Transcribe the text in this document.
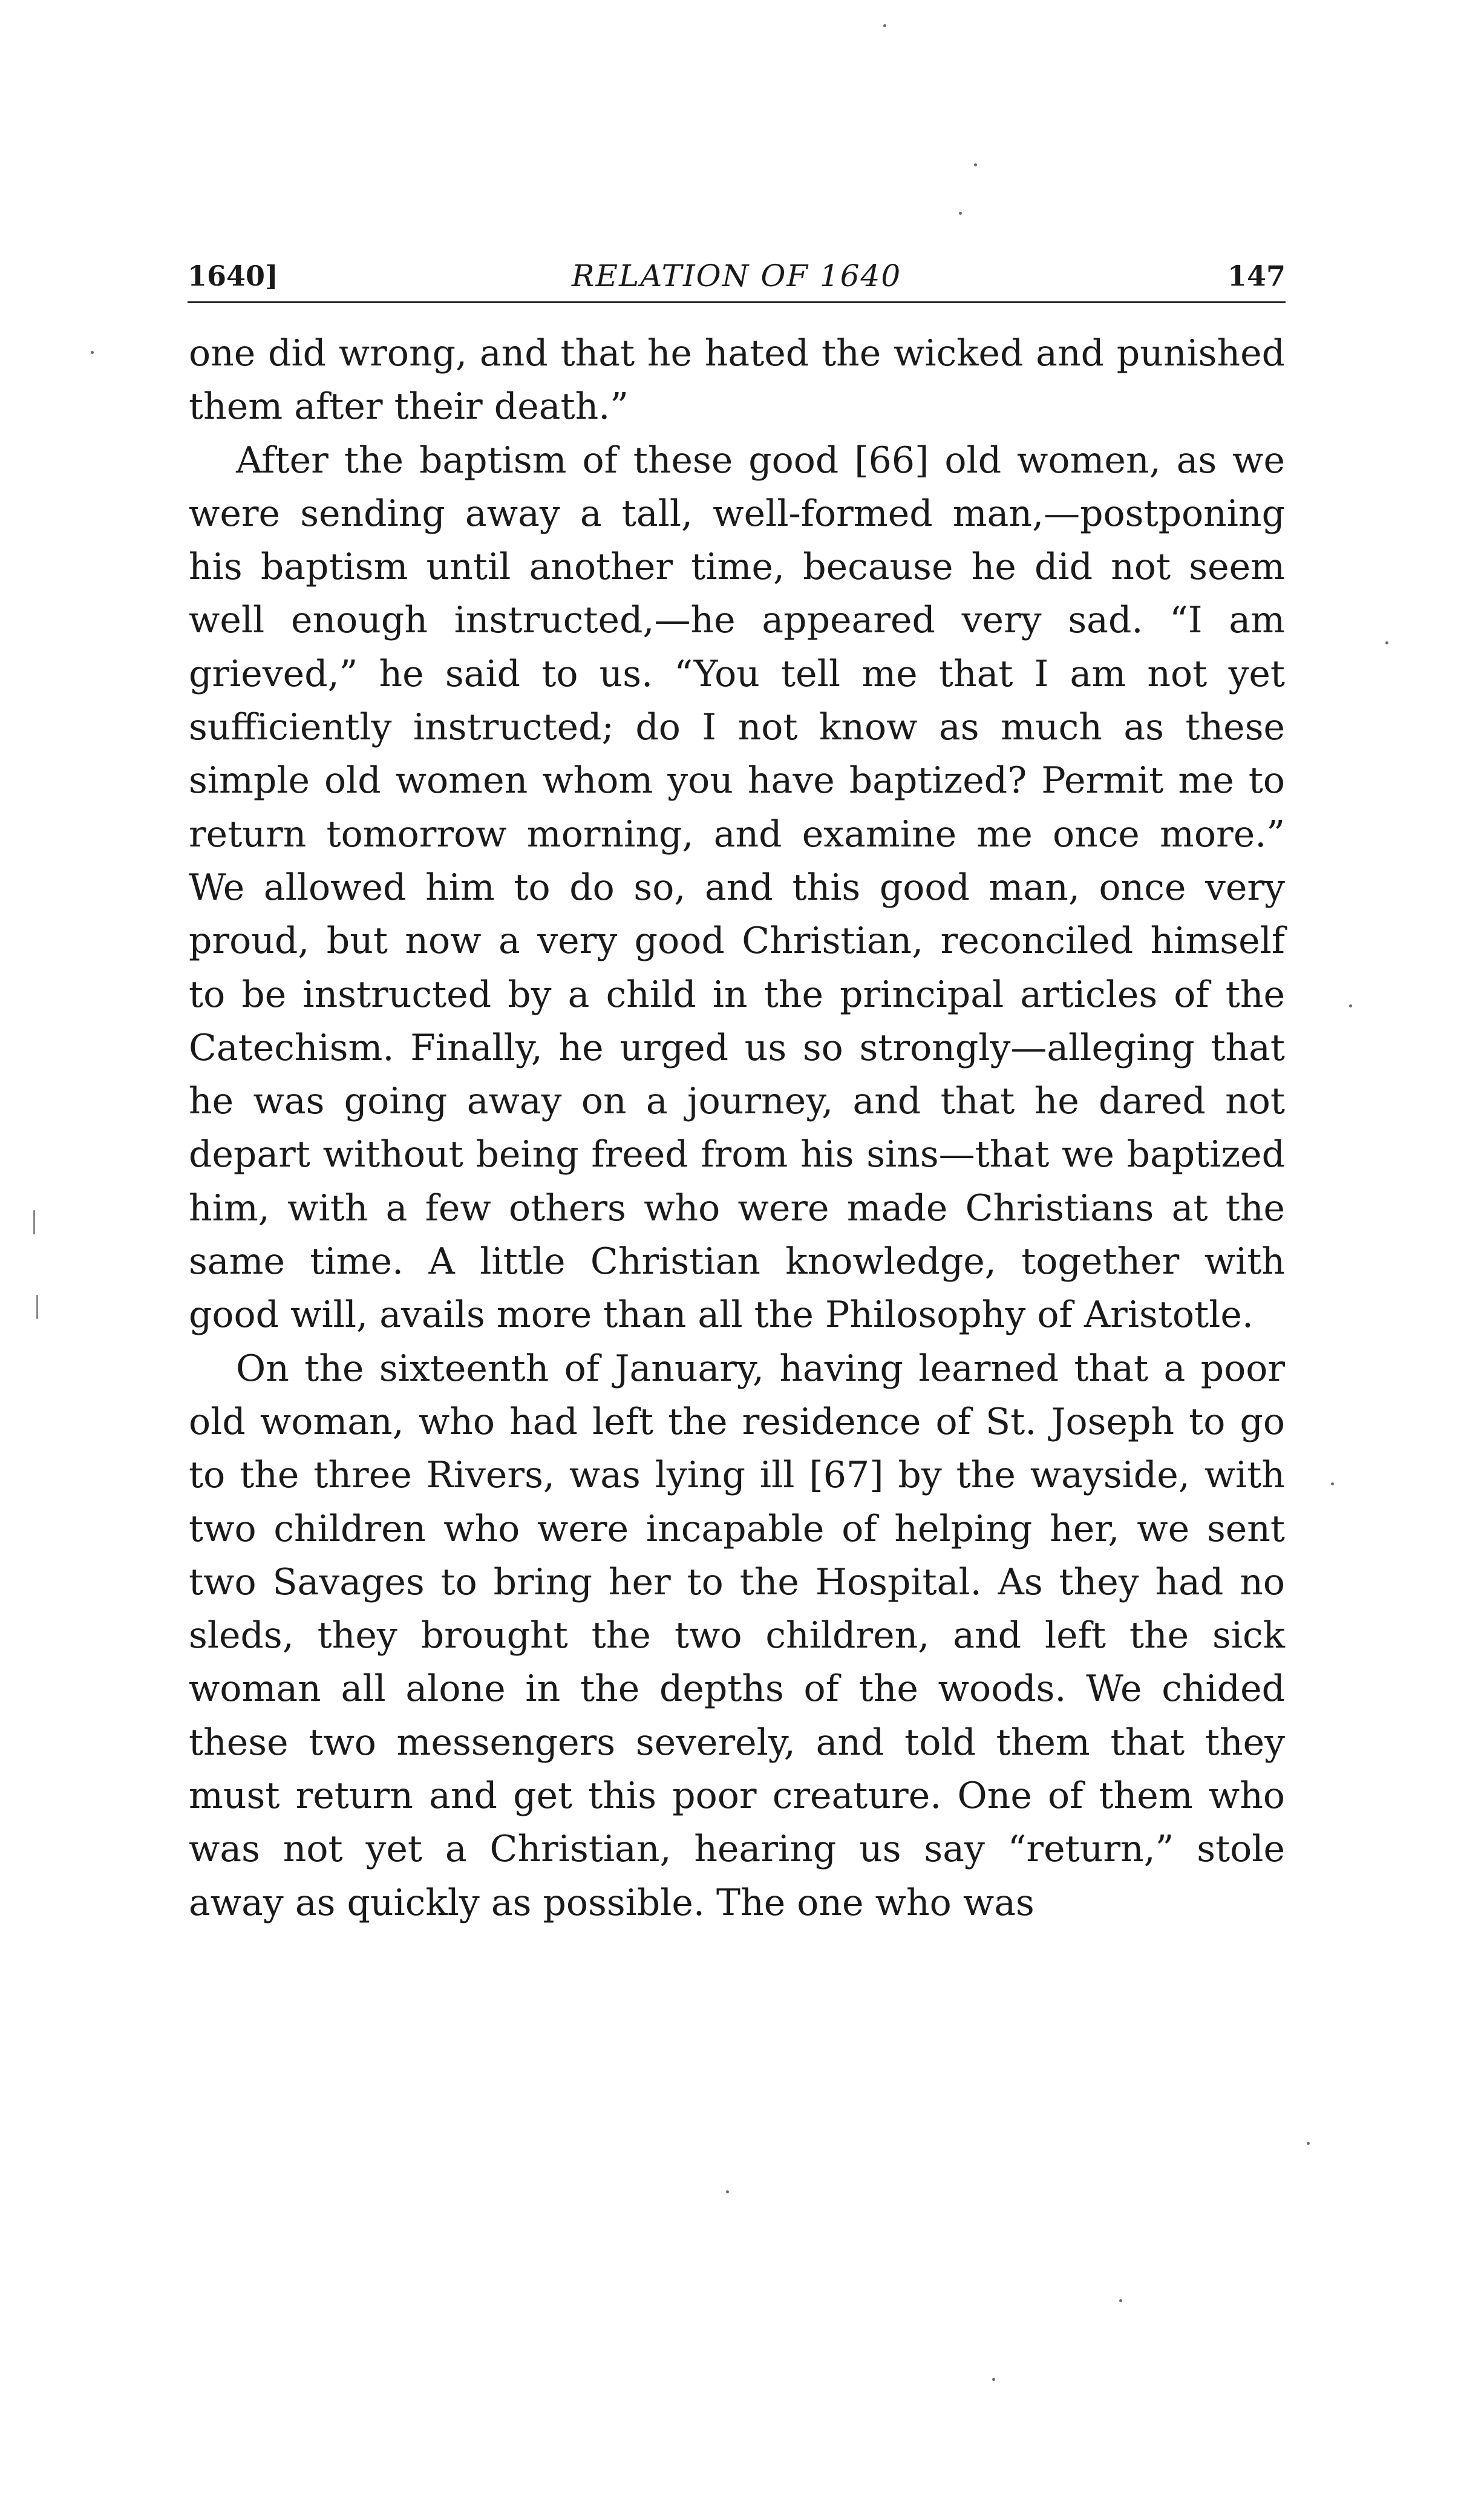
1640]	RELATION OF 1640	147

one did wrong, and that he hated the wicked and punished them after their death.”

After the baptism of these good [66] old women, as we were sending away a tall, well-formed man,—postponing his baptism until another time, because he did not seem well enough instructed,—he appeared very sad. “I am grieved,” he said to us. “You tell me that I am not yet sufficiently instructed; do I not know as much as these simple old women whom you have baptized? Permit me to return tomorrow morning, and examine me once more.” We allowed him to do so, and this good man, once very proud, but now a very good Christian, reconciled himself to be instructed by a child in the principal articles of the Catechism. Finally, he urged us so strongly—alleging that he was going away on a journey, and that he dared not depart without being freed from his sins—that we baptized him, with a few others who were made Christians at the same time. A little Christian knowledge, together with good will, avails more than all the Philosophy of Aristotle.

On the sixteenth of January, having learned that a poor old woman, who had left the residence of St. Joseph to go to the three Rivers, was lying ill [67] by the wayside, with two children who were incapable of helping her, we sent two Savages to bring her to the Hospital. As they had no sleds, they brought the two children, and left the sick woman all alone in the depths of the woods. We chided these two messengers severely, and told them that they must return and get this poor creature. One of them who was not yet a Christian, hearing us say “return,” stole away as quickly as possible. The one who was
